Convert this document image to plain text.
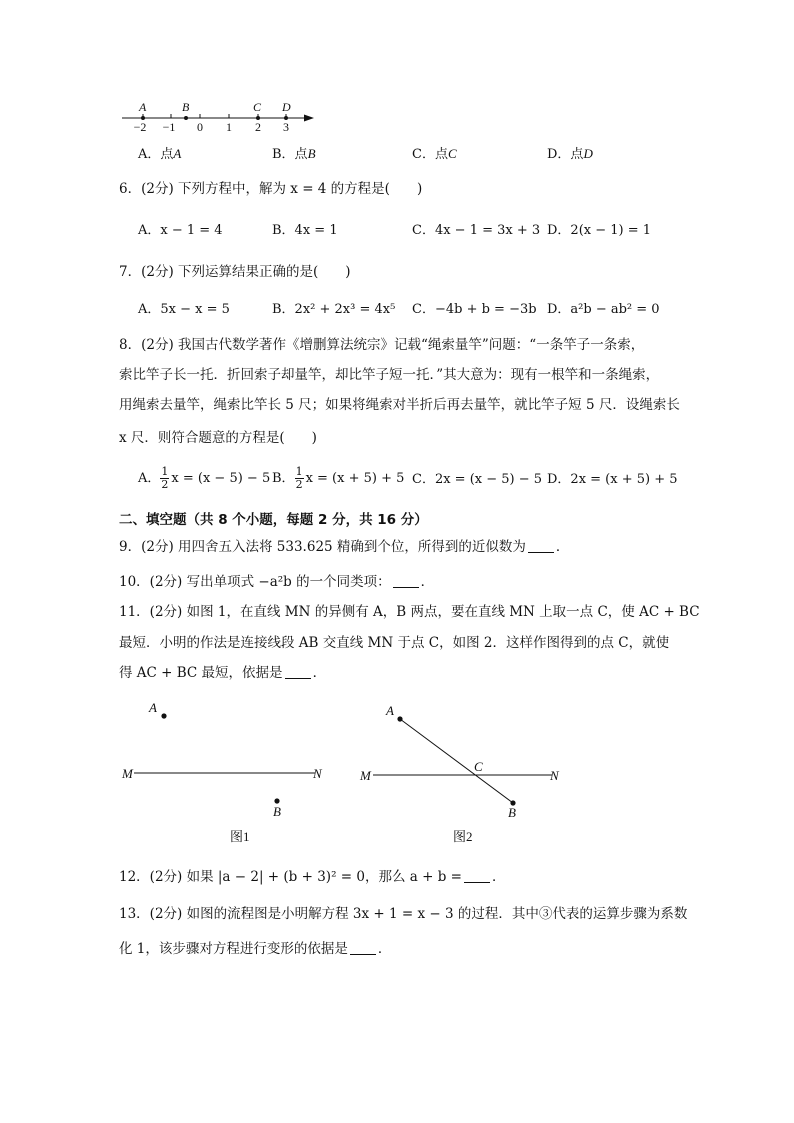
A	B	C D
−2 −1 0 1 2 3
A．点A	B．点B	C．点C	D．点D
6．(2分) 下列方程中，解为 x = 4 的方程是(　　)
A．x − 1 = 4	B．4x = 1	C．4x − 1 = 3x + 3 D．2(x − 1) = 1
7．(2分) 下列运算结果正确的是(　　)
A．5x − x = 5	B．2x² + 2x³ = 4x⁵ C．−4b + b = −3b D．a²b − ab² = 0
8．(2分) 我国古代数学著作《增删算法统宗》记载“绳索量竿”问题：“一条竿子一条索，
索比竿子长一托．折回索子却量竿，却比竿子短一托．”其大意为：现有一根竿和一条绳索，
用绳索去量竿，绳索比竿长 5 尺；如果将绳索对半折后再去量竿，就比竿子短 5 尺．设绳索长
x 尺．则符合题意的方程是(　　)
A． $\frac{1}{2}$ x = (x − 5) − 5 B． $\frac{1}{2}$ x = (x + 5) + 5 C．2x = (x − 5) − 5 D．2x = (x + 5) + 5
二、填空题（共 8 个小题，每题 2 分，共 16 分）
9．(2分) 用四舍五入法将 533.625 精确到个位，所得到的近似数为 ．
10．(2分) 写出单项式 −a²b 的一个同类项： ．
11．(2分) 如图 1，在直线 MN 的异侧有 A，B 两点，要在直线 MN 上取一点 C，使 AC + BC
最短．小明的作法是连接线段 AB 交直线 MN 于点 C，如图 2．这样作图得到的点 C，就使
得 AC + BC 最短，依据是 ．
A
M	N
B
图1
A
M	N
C
B
图2
12．(2分) 如果 |a − 2| + (b + 3)² = 0，那么 a + b = ．
13．(2分) 如图的流程图是小明解方程 3x + 1 = x − 3 的过程．其中③代表的运算步骤为系数
化 1，该步骤对方程进行变形的依据是 ．
